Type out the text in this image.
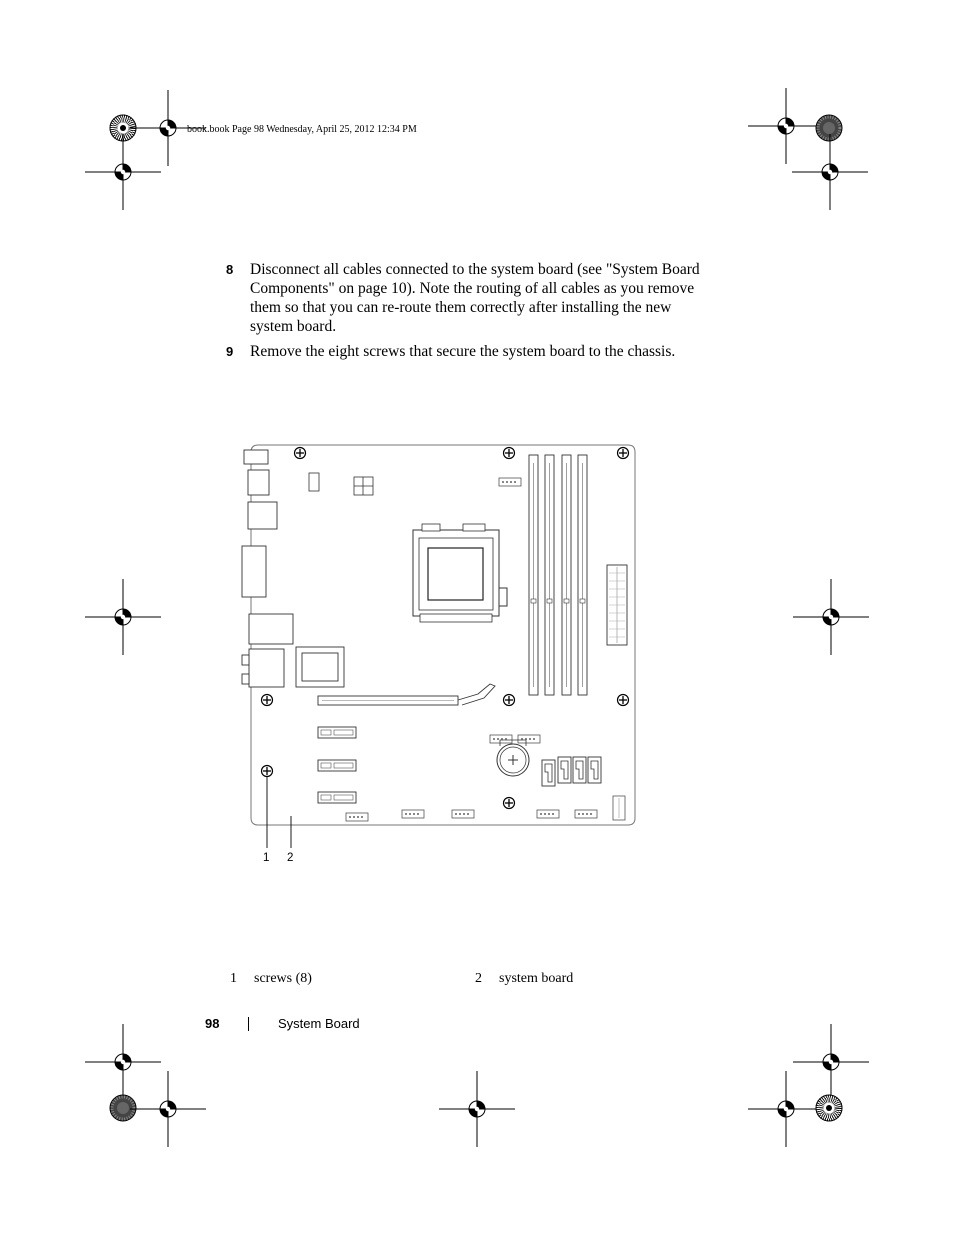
book.book Page 98 Wednesday, April 25, 2012 12:34 PM
8 Disconnect all cables connected to the system board (see "System Board Components" on page 10). Note the routing of all cables as you remove them so that you can re-route them correctly after installing the new system board.
9 Remove the eight screws that secure the system board to the chassis.
1 2
1 screws (8)	2 system board
98	System Board
